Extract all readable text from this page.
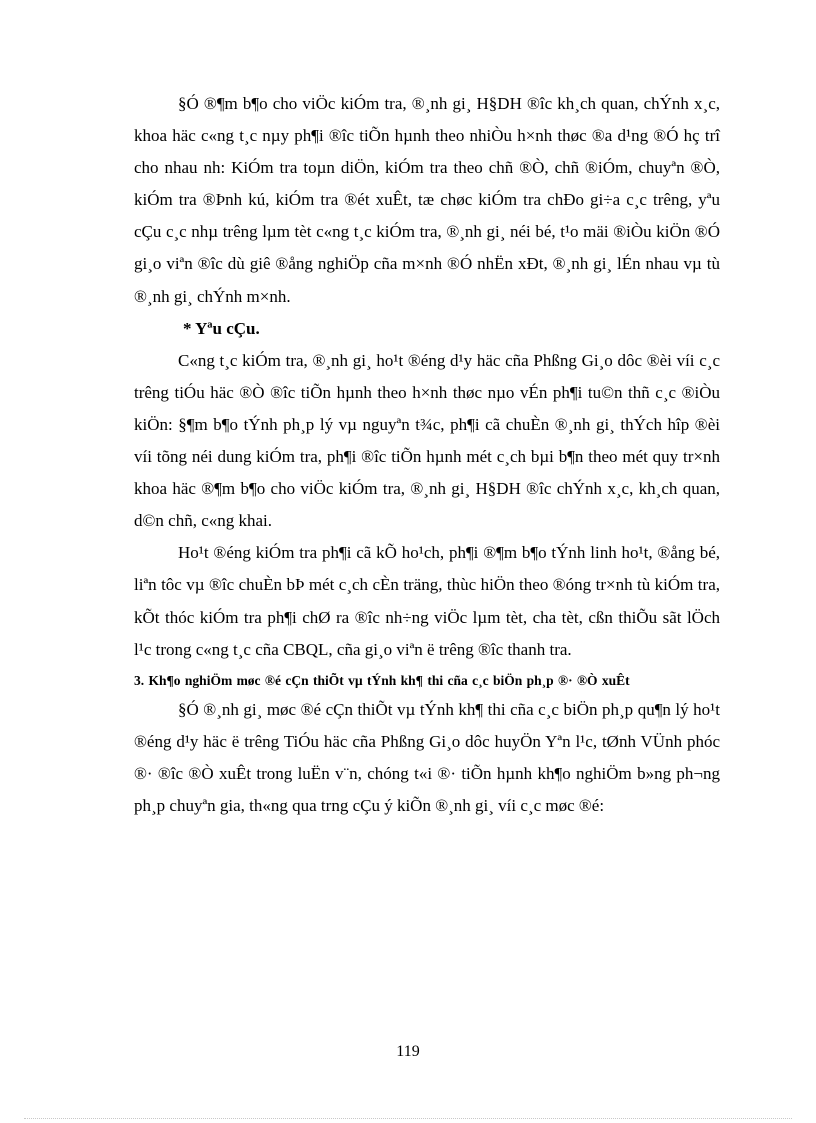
§Ó ®¶m b¶o cho viÖc kiÓm tra, ®¸nh gi¸ H§DH ®îc kh¸ch quan, chÝnh x¸c, khoa häc c«ng t¸c nµy ph¶i ®îc tiÕn hµnh theo nhiÒu h×nh thøc ®a d¹ng ®Ó hç trî cho nhau nh: KiÓm tra toµn diÖn, kiÓm tra theo chñ ®Ò, chñ ®iÓm, chuyªn ®Ò, kiÓm tra ®Þnh kú, kiÓm tra ®ét xuÊt, tæ chøc kiÓm tra chÐo gi÷a c¸c trêng, yªu cÇu c¸c nhµ trêng lµm tèt c«ng t¸c kiÓm tra, ®¸nh gi¸ néi bé, t¹o mäi ®iÒu kiÖn ®Ó gi¸o viªn ®îc dù giê ®ång nghiÖp cña m×nh ®Ó nhËn xÐt, ®¸nh gi¸ lÉn nhau vµ tù ®¸nh gi¸ chÝnh m×nh.

* Yªu cÇu.

C«ng t¸c kiÓm tra, ®¸nh gi¸ ho¹t ®éng d¹y häc cña Phßng Gi¸o dôc ®èi víi c¸c trêng tiÓu häc ®Ò ®îc tiÕn hµnh theo h×nh thøc nµo vÉn ph¶i tu©n thñ c¸c ®iÒu kiÖn: §¶m b¶o tÝnh ph¸p lý vµ nguyªn t¾c, ph¶i cã chuÈn ®¸nh gi¸ thÝch hîp ®èi víi tõng néi dung kiÓm tra, ph¶i ®îc tiÕn hµnh mét c¸ch bµi b¶n theo mét quy tr×nh khoa häc ®¶m b¶o cho viÖc kiÓm tra, ®¸nh gi¸ H§DH ®îc chÝnh x¸c, kh¸ch quan, d©n chñ, c«ng khai.

Ho¹t ®éng kiÓm tra ph¶i cã kÕ ho¹ch, ph¶i ®¶m b¶o tÝnh linh ho¹t, ®ång bé, liªn tôc vµ ®îc chuÈn bÞ mét c¸ch cÈn träng, thùc hiÖn theo ®óng tr×nh tù kiÓm tra, kÕt thóc kiÓm tra ph¶i chØ ra ®îc nh÷ng viÖc lµm tèt, cha tèt, cßn thiÕu sãt lÖch l¹c trong c«ng t¸c cña CBQL, cña gi¸o viªn ë trêng ®îc thanh tra.

3. Kh¶o nghiÖm møc ®é cÇn thiÕt vµ tÝnh kh¶ thi cña c¸c biÖn ph¸p ®· ®Ò xuÊt

§Ó ®¸nh gi¸ møc ®é cÇn thiÕt vµ tÝnh kh¶ thi cña c¸c biÖn ph¸p qu¶n lý ho¹t ®éng d¹y häc ë trêng TiÓu häc cña Phßng Gi¸o dôc huyÖn Yªn l¹c, tØnh VÜnh phóc ®· ®îc ®Ò xuÊt trong luËn v¨n, chóng t«i ®· tiÕn hµnh kh¶o nghiÖm b»ng ph¬ng ph¸p chuyªn gia, th«ng qua trng cÇu ý kiÕn ®¸nh gi¸ víi c¸c møc ®é:

119
